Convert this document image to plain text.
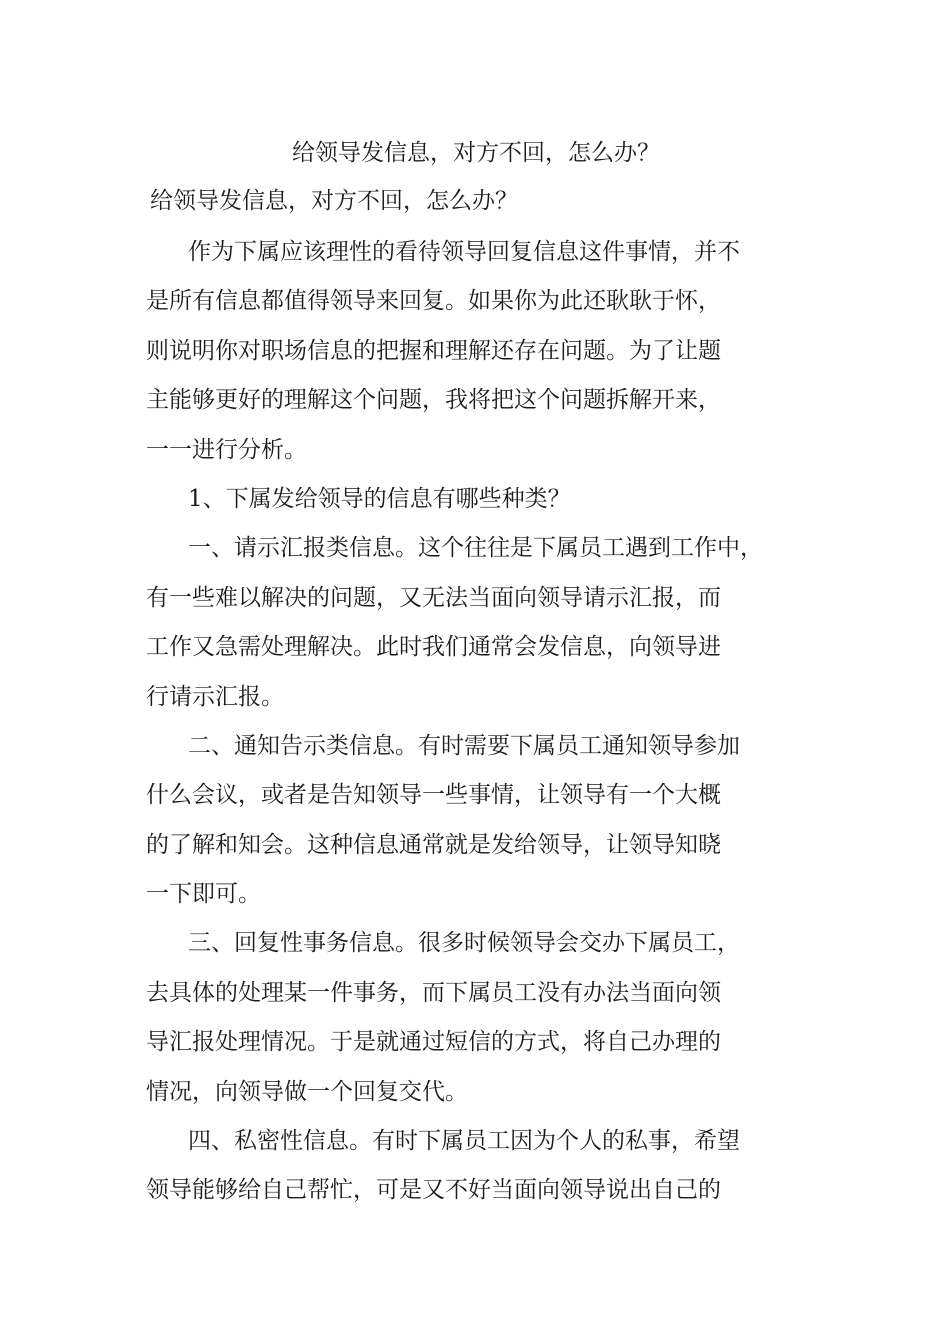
给领导发信息，对方不回，怎么办？

给领导发信息，对方不回，怎么办？

作为下属应该理性的看待领导回复信息这件事情，并不

是所有信息都值得领导来回复。如果你为此还耿耿于怀，

则说明你对职场信息的把握和理解还存在问题。为了让题

主能够更好的理解这个问题，我将把这个问题拆解开来，

一一进行分析。

1、下属发给领导的信息有哪些种类？

一、请示汇报类信息。这个往往是下属员工遇到工作中，

有一些难以解决的问题，又无法当面向领导请示汇报，而

工作又急需处理解决。此时我们通常会发信息，向领导进

行请示汇报。

二、通知告示类信息。有时需要下属员工通知领导参加

什么会议，或者是告知领导一些事情，让领导有一个大概

的了解和知会。这种信息通常就是发给领导，让领导知晓

一下即可。

三、回复性事务信息。很多时候领导会交办下属员工，

去具体的处理某一件事务，而下属员工没有办法当面向领

导汇报处理情况。于是就通过短信的方式，将自己办理的

情况，向领导做一个回复交代。

四、私密性信息。有时下属员工因为个人的私事，希望

领导能够给自己帮忙，可是又不好当面向领导说出自己的
